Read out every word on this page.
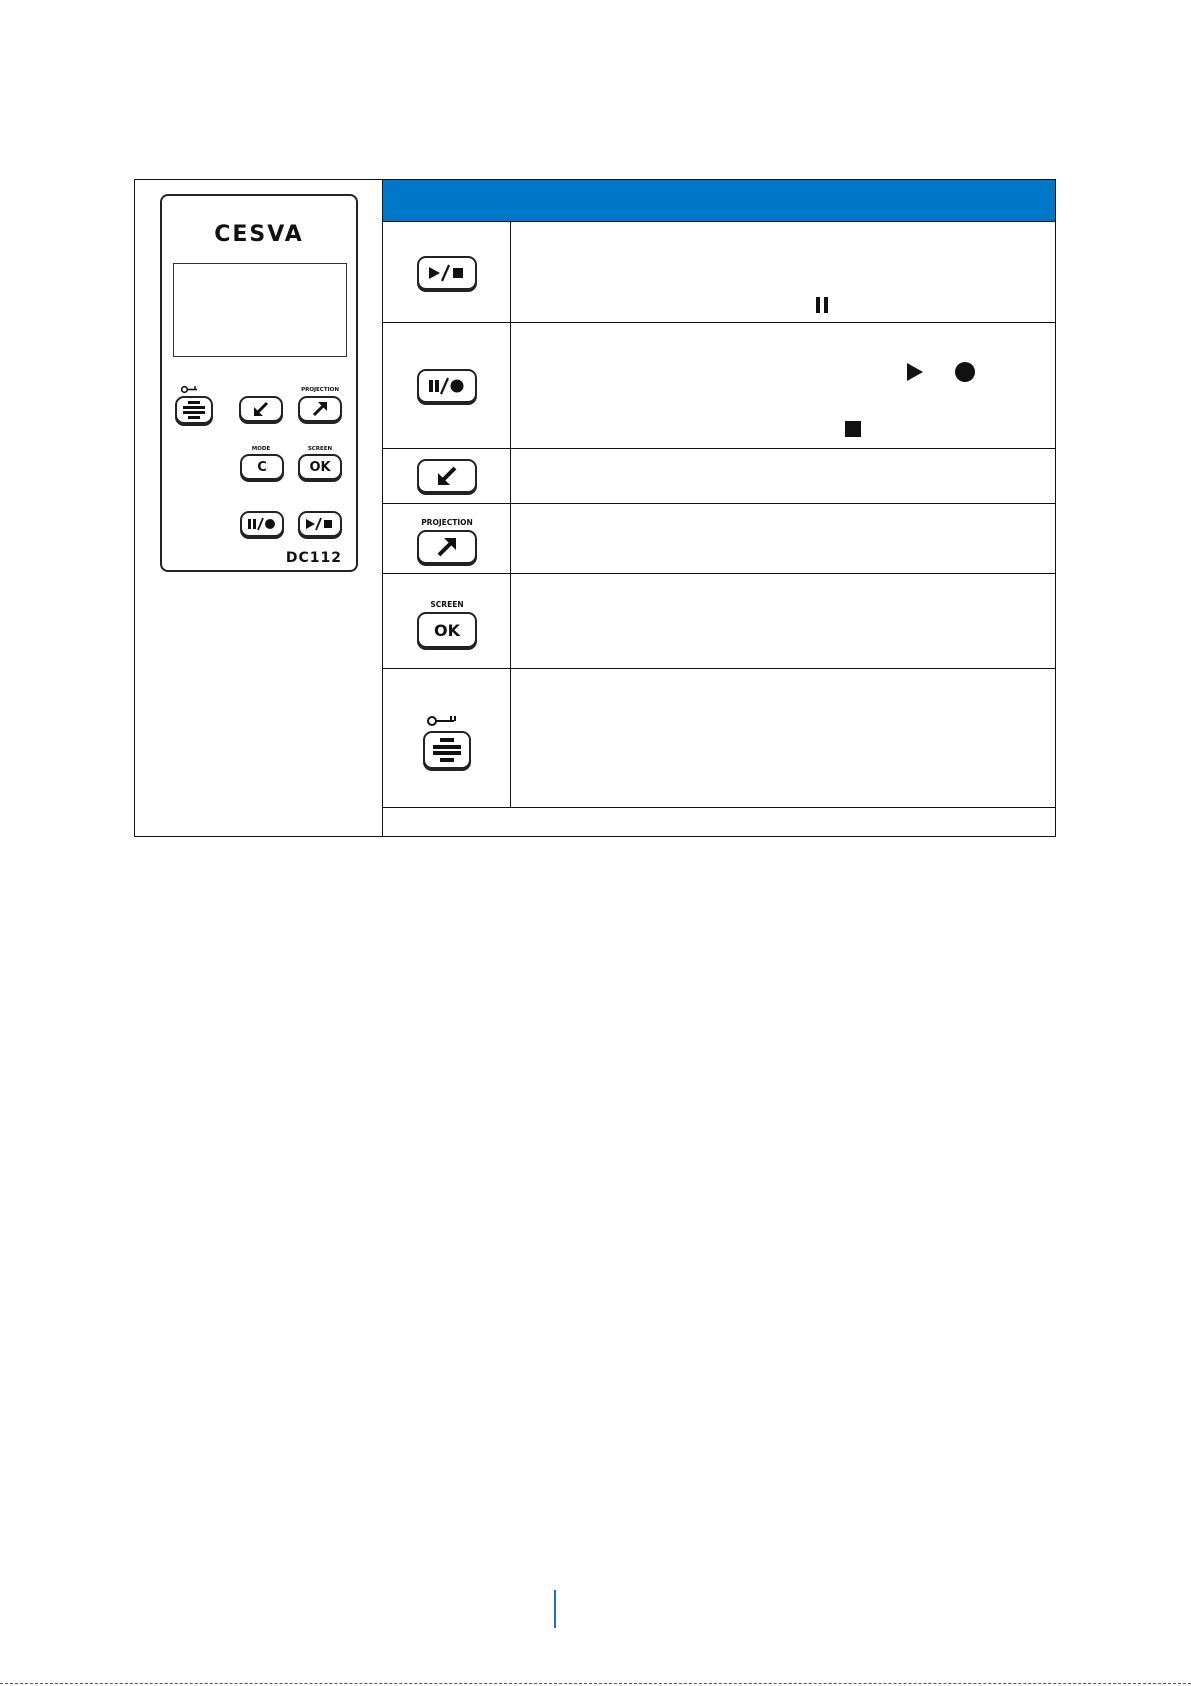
CESVA
PROJECTION
MODE
C
SCREEN
OK
DC112
PROJECTION
SCREEN
OK
